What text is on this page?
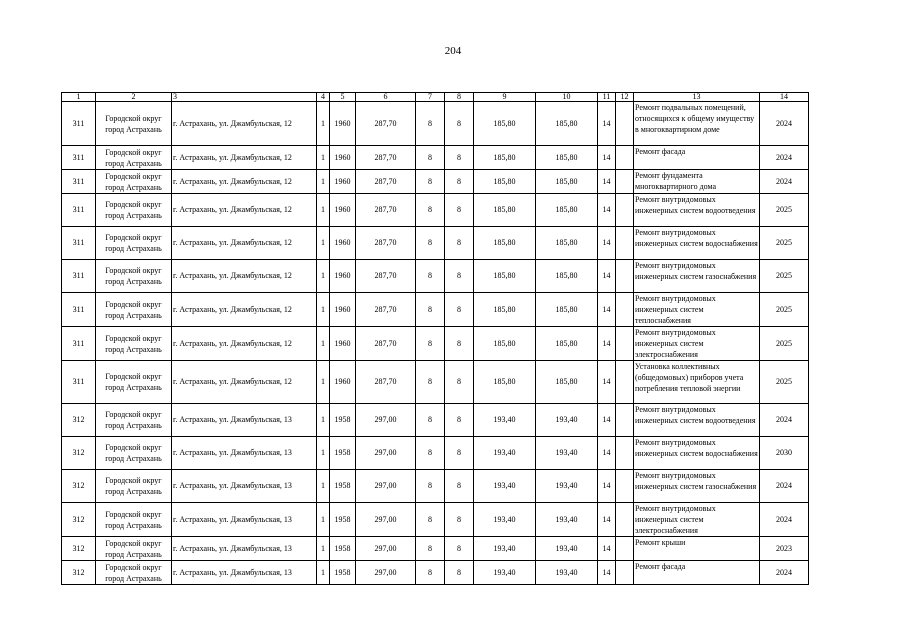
204
1	2	3	4	5	6	7	8	9	10	11	12	13	14
311	Городской округ город Астрахань	г. Астрахань, ул. Джамбульская, 12	1	1960	287,70	8	8	185,80	185,80	14		Ремонт подвальных помещений, относящихся к общему имуществу в многоквартирном доме	2024
311	Городской округ город Астрахань	г. Астрахань, ул. Джамбульская, 12	1	1960	287,70	8	8	185,80	185,80	14		Ремонт фасада	2024
311	Городской округ город Астрахань	г. Астрахань, ул. Джамбульская, 12	1	1960	287,70	8	8	185,80	185,80	14		Ремонт фундамента многоквартирного дома	2024
311	Городской округ город Астрахань	г. Астрахань, ул. Джамбульская, 12	1	1960	287,70	8	8	185,80	185,80	14		Ремонт внутридомовых инженерных систем водоотведения	2025
311	Городской округ город Астрахань	г. Астрахань, ул. Джамбульская, 12	1	1960	287,70	8	8	185,80	185,80	14		Ремонт внутридомовых инженерных систем водоснабжения	2025
311	Городской округ город Астрахань	г. Астрахань, ул. Джамбульская, 12	1	1960	287,70	8	8	185,80	185,80	14		Ремонт внутридомовых инженерных систем газоснабжения	2025
311	Городской округ город Астрахань	г. Астрахань, ул. Джамбульская, 12	1	1960	287,70	8	8	185,80	185,80	14		Ремонт внутридомовых инженерных систем теплоснабжения	2025
311	Городской округ город Астрахань	г. Астрахань, ул. Джамбульская, 12	1	1960	287,70	8	8	185,80	185,80	14		Ремонт внутридомовых инженерных систем электроснабжения	2025
311	Городской округ город Астрахань	г. Астрахань, ул. Джамбульская, 12	1	1960	287,70	8	8	185,80	185,80	14		Установка коллективных (общедомовых) приборов учета потребления тепловой энергии	2025
312	Городской округ город Астрахань	г. Астрахань, ул. Джамбульская, 13	1	1958	297,00	8	8	193,40	193,40	14		Ремонт внутридомовых инженерных систем водоотведения	2024
312	Городской округ город Астрахань	г. Астрахань, ул. Джамбульская, 13	1	1958	297,00	8	8	193,40	193,40	14		Ремонт внутридомовых инженерных систем водоснабжения	2030
312	Городской округ город Астрахань	г. Астрахань, ул. Джамбульская, 13	1	1958	297,00	8	8	193,40	193,40	14		Ремонт внутридомовых инженерных систем газоснабжения	2024
312	Городской округ город Астрахань	г. Астрахань, ул. Джамбульская, 13	1	1958	297,00	8	8	193,40	193,40	14		Ремонт внутридомовых инженерных систем электроснабжения	2024
312	Городской округ город Астрахань	г. Астрахань, ул. Джамбульская, 13	1	1958	297,00	8	8	193,40	193,40	14		Ремонт крыши	2023
312	Городской округ город Астрахань	г. Астрахань, ул. Джамбульская, 13	1	1958	297,00	8	8	193,40	193,40	14		Ремонт фасада	2024
